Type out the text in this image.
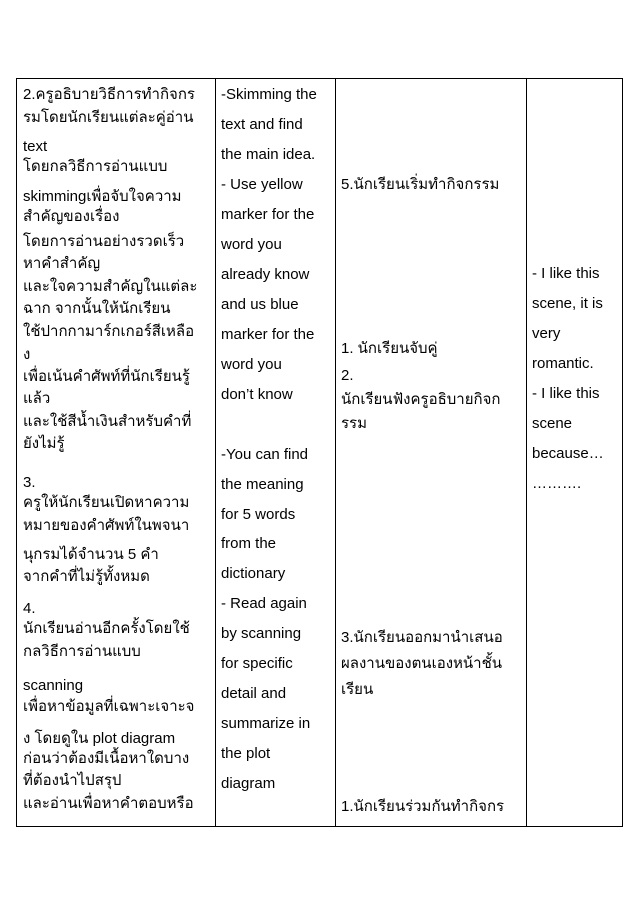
2.ครูอธิบายวิธีการทำกิจกร
รมโดยนักเรียนแต่ละคู่อ่าน
text
โดยกลวิธีการอ่านแบบ
skimmingเพื่อจับใจความ
สำคัญของเรื่อง
โดยการอ่านอย่างรวดเร็ว
หาคำสำคัญ
และใจความสำคัญในแต่ละ
ฉาก จากนั้นให้นักเรียน
ใช้ปากกามาร์กเกอร์สีเหลือ
ง
เพื่อเน้นคำศัพท์ที่นักเรียนรู้
แล้ว
และใช้สีน้ำเงินสำหรับคำที่
ยังไม่รู้
3.
ครูให้นักเรียนเปิดหาความ
หมายของคำศัพท์ในพจนา
นุกรมได้จำนวน 5 คำ
จากคำที่ไม่รู้ทั้งหมด
4.
นักเรียนอ่านอีกครั้งโดยใช้
กลวิธีการอ่านแบบ
scanning
เพื่อหาข้อมูลที่เฉพาะเจาะจ
ง โดยดูใน plot diagram
ก่อนว่าต้องมีเนื้อหาใดบาง
ที่ต้องนำไปสรุป
และอ่านเพื่อหาคำตอบหรือ
-Skimming the
text and find
the main idea.
- Use yellow
marker for the
word you
already know
and us blue
marker for the
word you
don’t know
-You can find
the meaning
for 5 words
from the
dictionary
- Read again
by scanning
for specific
detail and
summarize in
the plot
diagram
5.นักเรียนเริ่มทำกิจกรรม
1. นักเรียนจับคู่
2.
นักเรียนฟังครูอธิบายกิจก
รรม
3.นักเรียนออกมานำเสนอ
ผลงานของตนเองหน้าชั้น
เรียน
1.นักเรียนร่วมกันทำกิจกร
- I like this
scene, it is
very
romantic.
- I like this
scene
because…
……….
